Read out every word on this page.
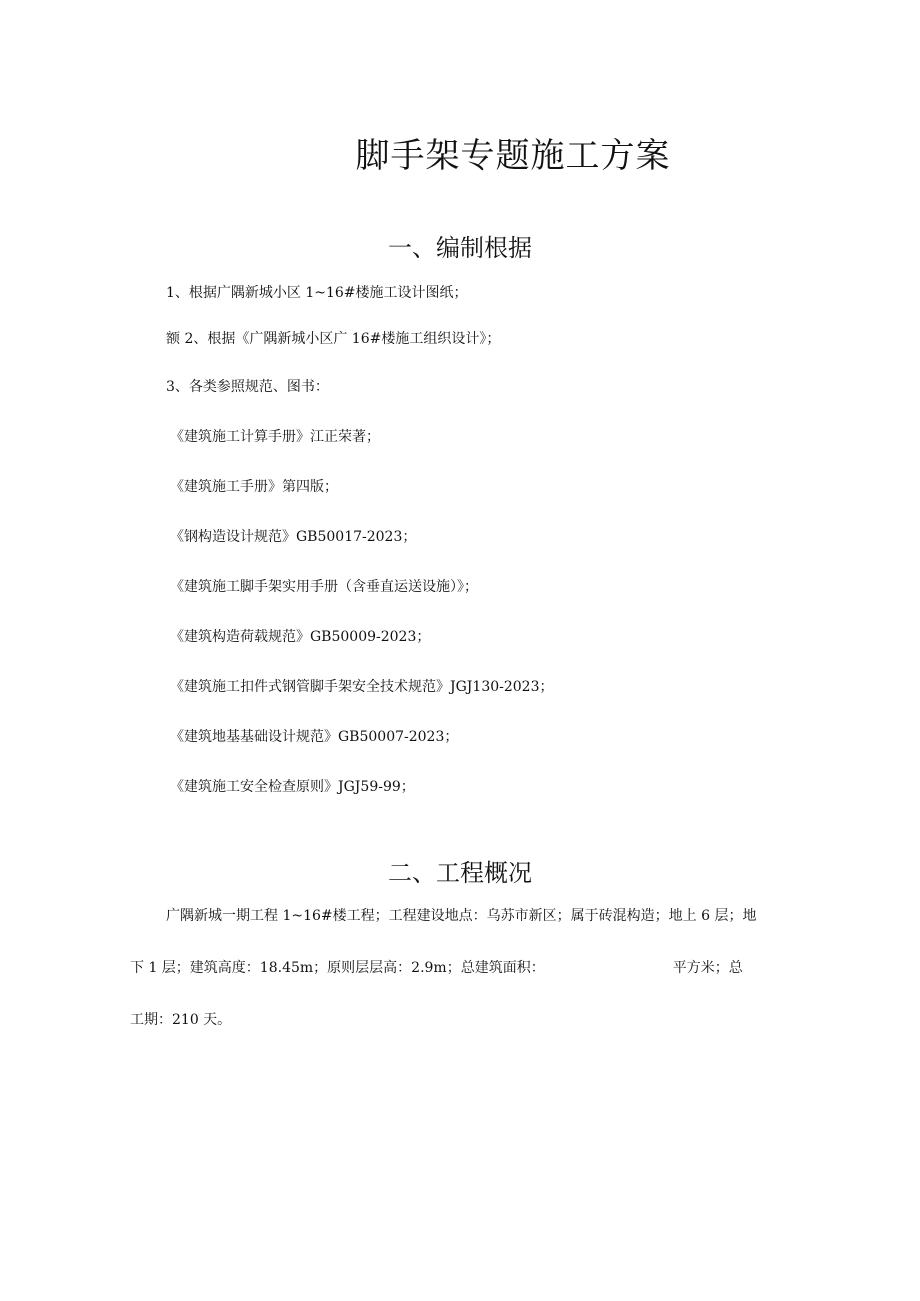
脚手架专题施工方案
一、编制根据

1、根据广隅新城小区 1~16#楼施工设计图纸；

额 2、根据《广隅新城小区广 16#楼施工组织设计》；

3、各类参照规范、图书：

《建筑施工计算手册》江正荣著；
《建筑施工手册》第四版；
《钢构造设计规范》GB50017-2023；
《建筑施工脚手架实用手册（含垂直运送设施）》；
《建筑构造荷载规范》GB50009-2023；
《建筑施工扣件式钢管脚手架安全技术规范》JGJ130-2023；
《建筑地基基础设计规范》GB50007-2023；
《建筑施工安全检查原则》JGJ59-99；
二、工程概况
广隅新城一期工程 1~16#楼工程；工程建设地点：乌苏市新区；属于砖混构造；地上 6 层；地
下 1 层；建筑高度：18.45m；原则层层高：2.9m；总建筑面积：	平方米；总
工期：210 天。
